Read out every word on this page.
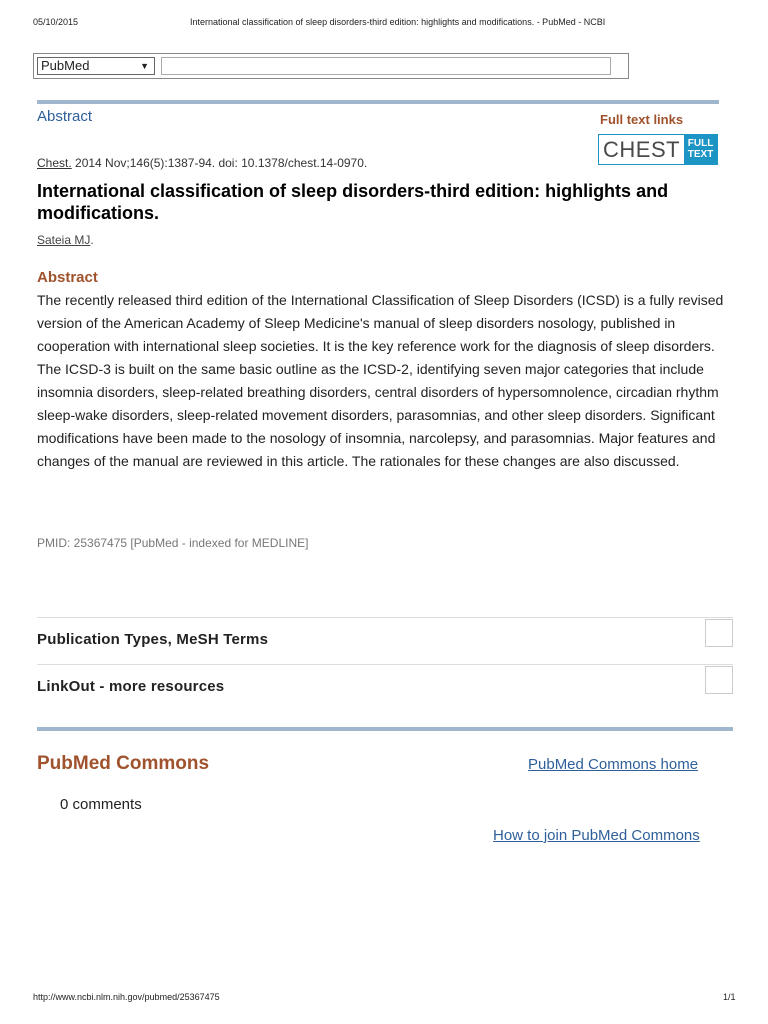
05/10/2015	International classification of sleep disorders-third edition: highlights and modifications. - PubMed - NCBI
PubMed	▼
Abstract	Full text links
CHEST FULL
TEXT
Chest. 2014 Nov;146(5):1387-94. doi: 10.1378/chest.14-0970.
International classification of sleep disorders-third edition: highlights and modifications.
Sateia MJ.
Abstract
The recently released third edition of the International Classification of Sleep Disorders (ICSD) is a fully revised version of the American Academy of Sleep Medicine's manual of sleep disorders nosology, published in cooperation with international sleep societies. It is the key reference work for the diagnosis of sleep disorders. The ICSD-3 is built on the same basic outline as the ICSD-2, identifying seven major categories that include insomnia disorders, sleep-related breathing disorders, central disorders of hypersomnolence, circadian rhythm sleep-wake disorders, sleep-related movement disorders, parasomnias, and other sleep disorders. Significant modifications have been made to the nosology of insomnia, narcolepsy, and parasomnias. Major features and changes of the manual are reviewed in this article. The rationales for these changes are also discussed.
PMID: 25367475 [PubMed - indexed for MEDLINE]
Publication Types, MeSH Terms
LinkOut - more resources
PubMed Commons	PubMed Commons home
0 comments
How to join PubMed Commons
http://www.ncbi.nlm.nih.gov/pubmed/25367475	1/1
